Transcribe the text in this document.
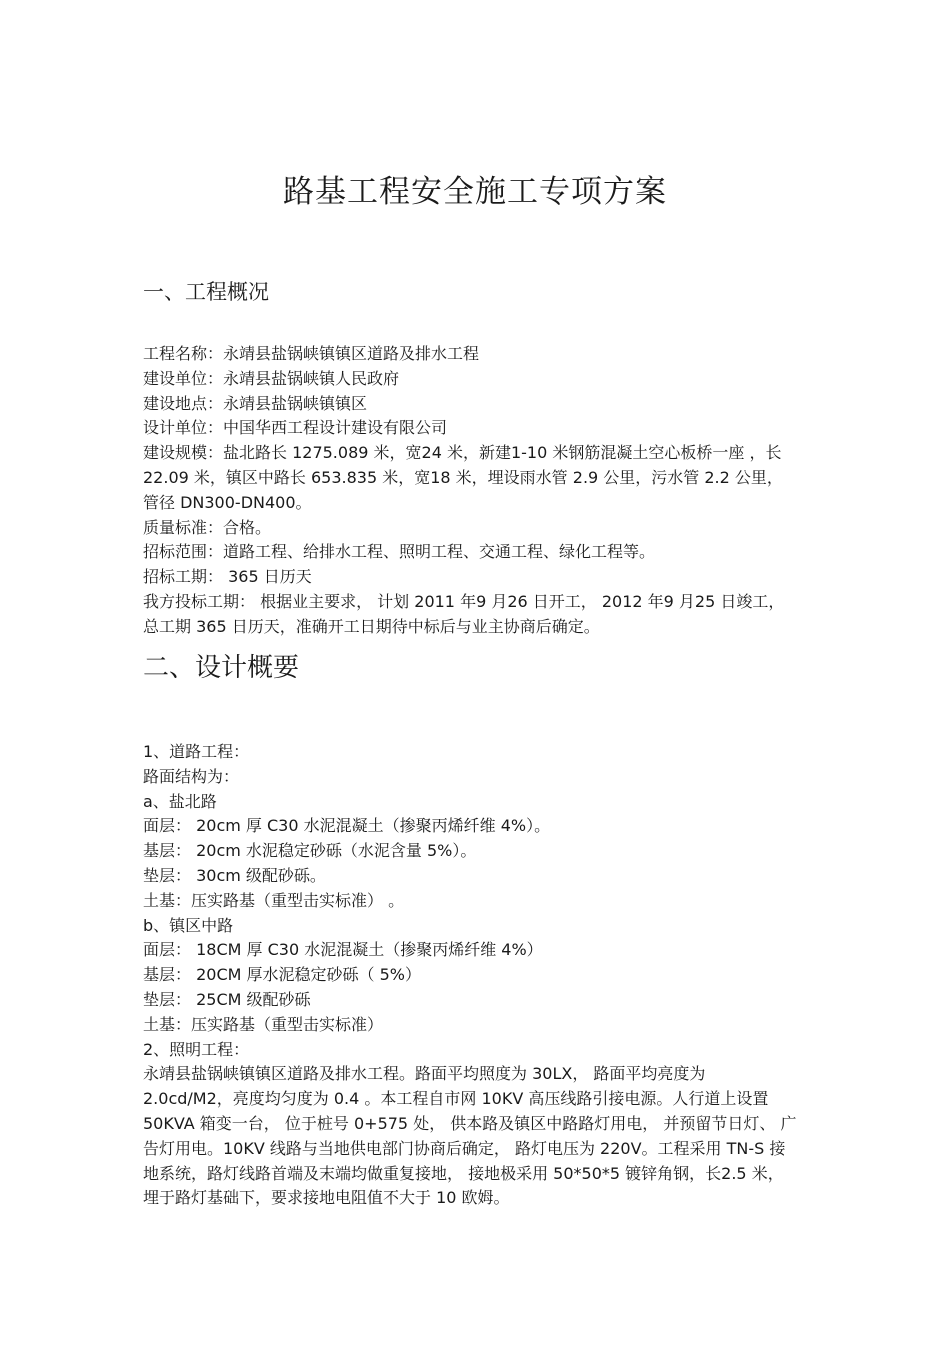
路基工程安全施工专项方案
一、工程概况
工程名称：永靖县盐锅峡镇镇区道路及排水工程
建设单位：永靖县盐锅峡镇人民政府
建设地点：永靖县盐锅峡镇镇区
设计单位：中国华西工程设计建设有限公司
建设规模：盐北路长 1275.089 米，宽24 米，新建1-10 米钢筋混凝土空心板桥一座 ，长
22.09 米，镇区中路长 653.835 米，宽18 米，埋设雨水管 2.9 公里，污水管 2.2 公里，
管径 DN300-DN400。
质量标准：合格。
招标范围：道路工程、给排水工程、照明工程、交通工程、绿化工程等。
招标工期： 365 日历天
我方投标工期： 根据业主要求， 计划 2011 年9 月26 日开工， 2012 年9 月25 日竣工，
总工期 365 日历天，准确开工日期待中标后与业主协商后确定。
二、设计概要
1、道路工程：
路面结构为：
a、盐北路
面层： 20cm 厚 C30 水泥混凝土（掺聚丙烯纤维 4%）。
基层： 20cm 水泥稳定砂砾（水泥含量 5%）。
垫层： 30cm 级配砂砾。
土基：压实路基（重型击实标准） 。
b、镇区中路
面层： 18CM 厚 C30 水泥混凝土（掺聚丙烯纤维 4%）
基层： 20CM 厚水泥稳定砂砾（ 5%）
垫层： 25CM 级配砂砾
土基：压实路基（重型击实标准）
2、照明工程：
永靖县盐锅峡镇镇区道路及排水工程。路面平均照度为 30LX， 路面平均亮度为
2.0cd/M2，亮度均匀度为 0.4 。本工程自市网 10KV 高压线路引接电源。人行道上设置
50KVA 箱变一台， 位于桩号 0+575 处， 供本路及镇区中路路灯用电， 并预留节日灯、 广
告灯用电。10KV 线路与当地供电部门协商后确定， 路灯电压为 220V。工程采用 TN-S 接
地系统，路灯线路首端及末端均做重复接地， 接地极采用 50*50*5 镀锌角钢，长2.5 米，
埋于路灯基础下，要求接地电阻值不大于 10 欧姆。
